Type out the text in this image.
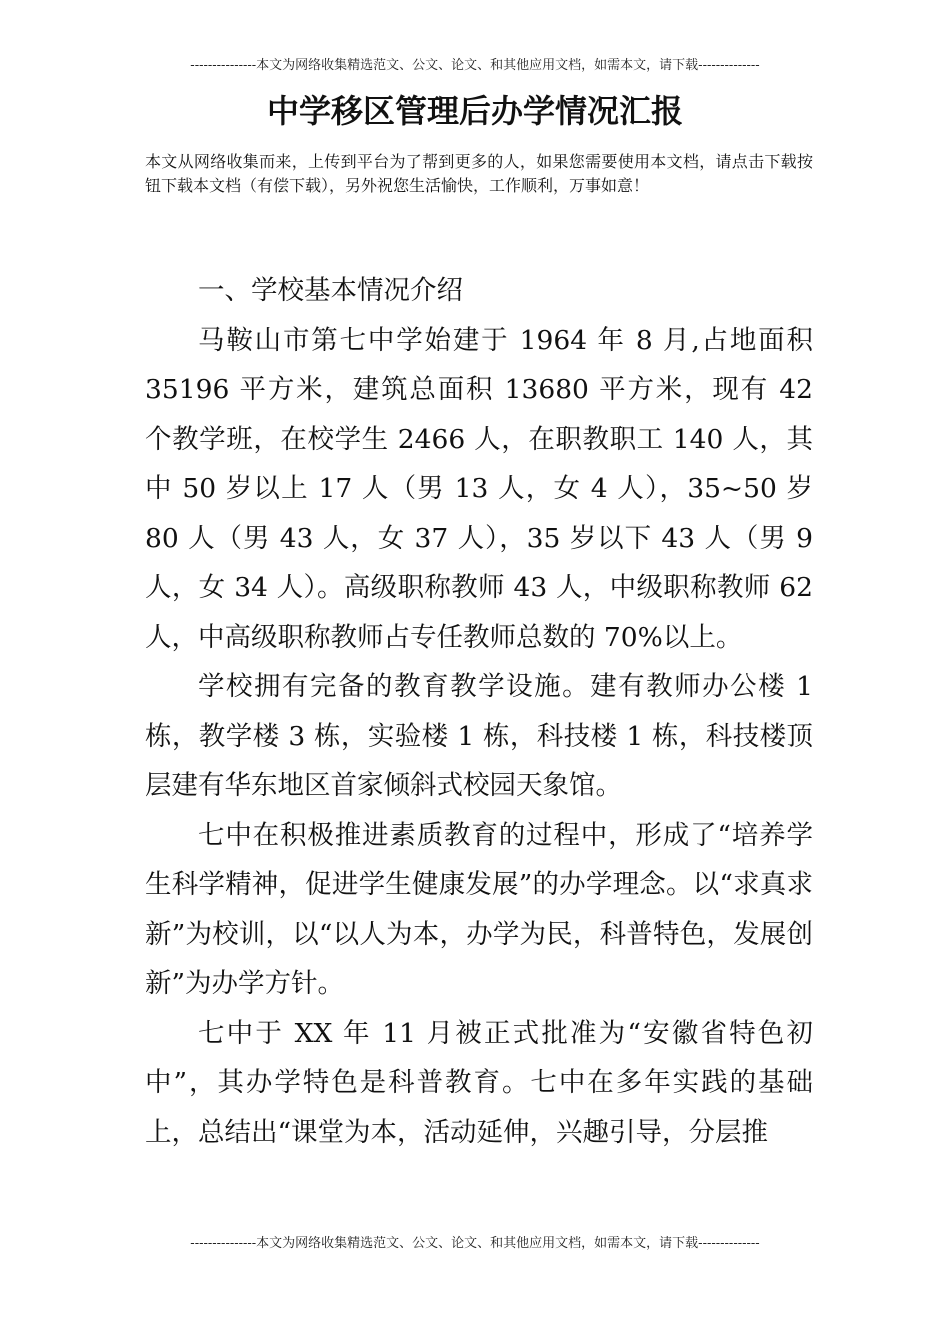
---------------本文为网络收集精选范文、公文、论文、和其他应用文档，如需本文，请下载--------------
中学移区管理后办学情况汇报

本文从网络收集而来，上传到平台为了帮到更多的人，如果您需要使用本文档，请点击下载按钮下载本文档（有偿下载），另外祝您生活愉快，工作顺利，万事如意！

一、学校基本情况介绍

马鞍山市第七中学始建于 1964 年 8 月,占地面积 35196 平方米，建筑总面积 13680 平方米，现有 42 个教学班，在校学生 2466 人，在职教职工 140 人，其中 50 岁以上 17 人（男 13 人，女 4 人），35~50 岁 80 人（男 43 人，女 37 人），35 岁以下 43 人（男 9 人，女 34 人）。高级职称教师 43 人，中级职称教师 62 人，中高级职称教师占专任教师总数的 70%以上。

学校拥有完备的教育教学设施。建有教师办公楼 1 栋，教学楼 3 栋，实验楼 1 栋，科技楼 1 栋，科技楼顶层建有华东地区首家倾斜式校园天象馆。

七中在积极推进素质教育的过程中，形成了“培养学生科学精神，促进学生健康发展”的办学理念。以“求真求新”为校训，以“以人为本，办学为民，科普特色，发展创新”为办学方针。

七中于 XX 年 11 月被正式批准为“安徽省特色初中”，其办学特色是科普教育。七中在多年实践的基础上，总结出“课堂为本，活动延伸，兴趣引导，分层推

---------------本文为网络收集精选范文、公文、论文、和其他应用文档，如需本文，请下载--------------
